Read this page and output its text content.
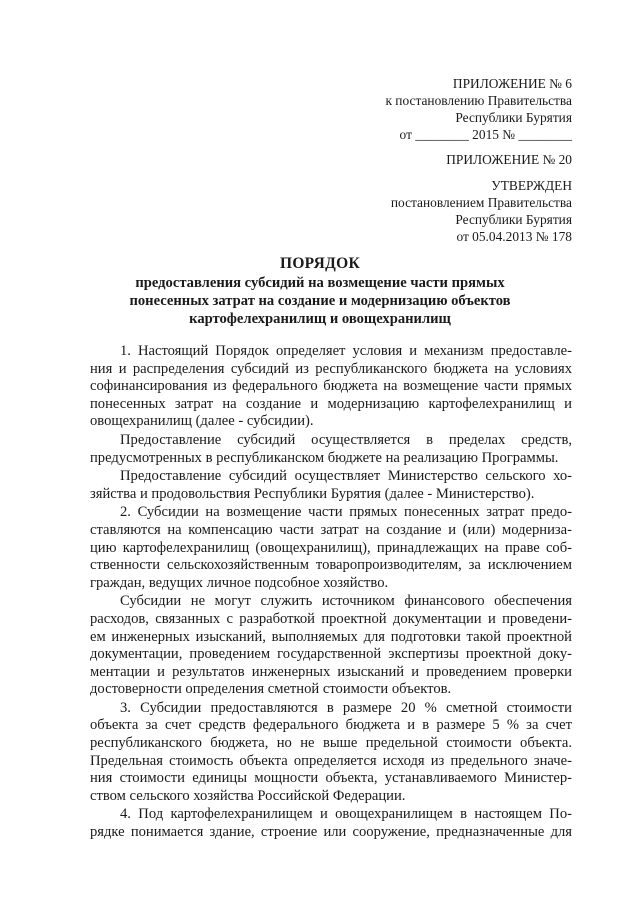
ПРИЛОЖЕНИЕ № 6
к постановлению Правительства
Республики Бурятия
от ________ 2015 № ________
ПРИЛОЖЕНИЕ № 20
УТВЕРЖДЕН
постановлением Правительства
Республики Бурятия
от 05.04.2013 № 178
ПОРЯДОК
предоставления субсидий на возмещение части прямых
понесенных затрат на создание и модернизацию объектов
картофелехранилищ и овощехранилищ

1. Настоящий Порядок определяет условия и механизм предоставле-

ния и распределения субсидий из республиканского бюджета на условиях

софинансирования из федерального бюджета на возмещение части прямых

понесенных затрат на создание и модернизацию картофелехранилищ и

овощехранилищ (далее - субсидии).

Предоставление субсидий осуществляется в пределах средств,

предусмотренных в республиканском бюджете на реализацию Программы.

Предоставление субсидий осуществляет Министерство сельского хо-

зяйства и продовольствия Республики Бурятия (далее - Министерство).

2. Субсидии на возмещение части прямых понесенных затрат предо-

ставляются на компенсацию части затрат на создание и (или) модерниза-

цию картофелехранилищ (овощехранилищ), принадлежащих на праве соб-

ственности сельскохозяйственным товаропроизводителям, за исключением

граждан, ведущих личное подсобное хозяйство.

Субсидии не могут служить источником финансового обеспечения

расходов, связанных с разработкой проектной документации и проведени-

ем инженерных изысканий, выполняемых для подготовки такой проектной

документации, проведением государственной экспертизы проектной доку-

ментации и результатов инженерных изысканий и проведением проверки

достоверности определения сметной стоимости объектов.

3. Субсидии предоставляются в размере 20 % сметной стоимости

объекта за счет средств федерального бюджета и в размере 5 % за счет

республиканского бюджета, но не выше предельной стоимости объекта.

Предельная стоимость объекта определяется исходя из предельного значе-

ния стоимости единицы мощности объекта, устанавливаемого Министер-

ством сельского хозяйства Российской Федерации.

4. Под картофелехранилищем и овощехранилищем в настоящем По-

рядке понимается здание, строение или сооружение, предназначенные для
